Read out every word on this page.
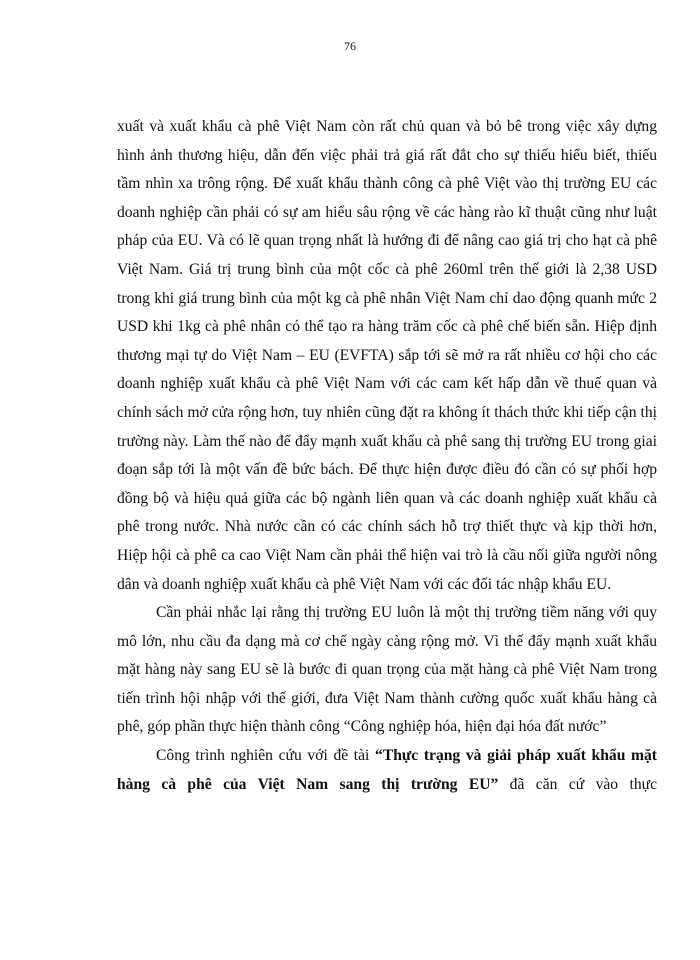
76

xuất và xuất khẩu cà phê Việt Nam còn rất chủ quan và bỏ bê trong việc xây dựng hình ảnh thương hiệu, dẫn đến việc phải trả giá rất đắt cho sự thiếu hiểu biết, thiếu tầm nhìn xa trông rộng. Để xuất khẩu thành công cà phê Việt vào thị trường EU các doanh nghiệp cần phải có sự am hiểu sâu rộng về các hàng rào kĩ thuật cũng như luật pháp của EU. Và có lẽ quan trọng nhất là hướng đi để nâng cao giá trị cho hạt cà phê Việt Nam. Giá trị trung bình của một cốc cà phê 260ml trên thế giới là 2,38 USD trong khi giá trung bình của một kg cà phê nhân Việt Nam chỉ dao động quanh mức 2 USD khi 1kg cà phê nhân có thể tạo ra hàng trăm cốc cà phê chế biến sẵn. Hiệp định thương mại tự do Việt Nam – EU (EVFTA) sắp tới sẽ mở ra rất nhiều cơ hội cho các doanh nghiệp xuất khẩu cà phê Việt Nam với các cam kết hấp dẫn về thuế quan và chính sách mở cửa rộng hơn, tuy nhiên cũng đặt ra không ít thách thức khi tiếp cận thị trường này. Làm thế nào để đẩy mạnh xuất khẩu cà phê sang thị trường EU trong giai đoạn sắp tới là một vấn đề bức bách. Để thực hiện được điều đó cần có sự phối hợp đồng bộ và hiệu quả giữa các bộ ngành liên quan và các doanh nghiệp xuất khẩu cà phê trong nước. Nhà nước cần có các chính sách hỗ trợ thiết thực và kịp thời hơn, Hiệp hội cà phê ca cao Việt Nam cần phải thể hiện vai trò là cầu nối giữa người nông dân và doanh nghiệp xuất khẩu cà phê Việt Nam với các đối tác nhập khẩu EU.

Cần phải nhắc lại rằng thị trường EU luôn là một thị trường tiềm năng với quy mô lớn, nhu cầu đa dạng mà cơ chế ngày càng rộng mở. Vì thế đẩy mạnh xuất khẩu mặt hàng này sang EU sẽ là bước đi quan trọng của mặt hàng cà phê Việt Nam trong tiến trình hội nhập với thế giới, đưa Việt Nam thành cường quốc xuất khẩu hàng cà phê, góp phần thực hiện thành công “Công nghiệp hóa, hiện đại hóa đất nước”

Công trình nghiên cứu với đề tài “Thực trạng và giải pháp xuất khẩu mặt hàng cà phê của Việt Nam sang thị trường EU” đã căn cứ vào thực
